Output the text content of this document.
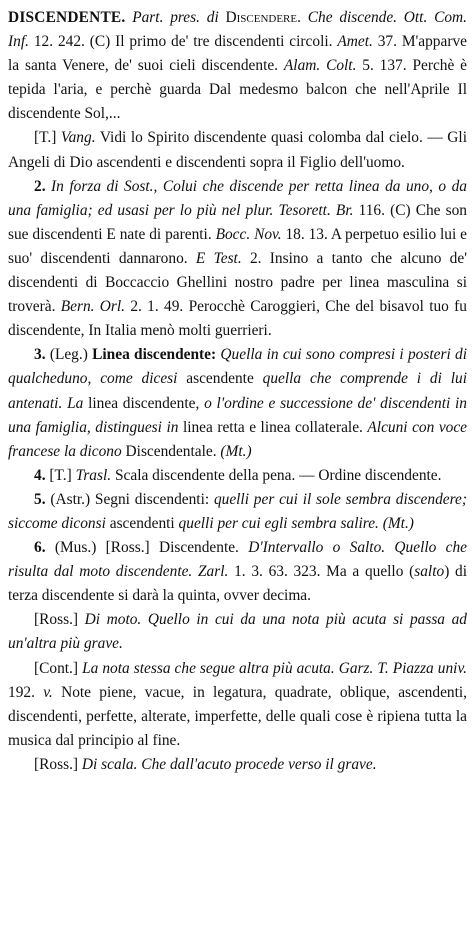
DISCENDENTE. Part. pres. di Discendere. Che discende. Ott. Com. Inf. 12. 242. (C) Il primo de' tre discendenti circoli. Amet. 37. M'apparve la santa Venere, de' suoi cieli discendente. Alam. Colt. 5. 137. Perchè è tepida l'aria, e perchè guarda Dal medesmo balcon che nell'Aprile Il discendente Sol,...

[T.] Vang. Vidi lo Spirito discendente quasi colomba dal cielo. — Gli Angeli di Dio ascendenti e discendenti sopra il Figlio dell'uomo.

2. In forza di Sost., Colui che discende per retta linea da uno, o da una famiglia; ed usasi per lo più nel plur. Tesorett. Br. 116. (C) Che son sue discendenti E nate di parenti. Bocc. Nov. 18. 13. A perpetuo esilio lui e suo' discendenti dannarono. E Test. 2. Insino a tanto che alcuno de' discendenti di Boccaccio Ghellini nostro padre per linea masculina si troverà. Bern. Orl. 2. 1. 49. Perocchè Caroggieri, Che del bisavol tuo fu discendente, In Italia menò molti guerrieri.

3. (Leg.) Linea discendente: Quella in cui sono compresi i posteri di qualcheduno, come dicesi ascendente quella che comprende i di lui antenati. La linea discendente, o l'ordine e successione de' discendenti in una famiglia, distinguesi in linea retta e linea collaterale. Alcuni con voce francese la dicono Discendentale. (Mt.)

4. [T.] Trasl. Scala discendente della pena. — Ordine discendente.

5. (Astr.) Segni discendenti: quelli per cui il sole sembra discendere; siccome diconsi ascendenti quelli per cui egli sembra salire. (Mt.)

6. (Mus.) [Ross.] Discendente. D'Intervallo o Salto. Quello che risulta dal moto discendente. Zarl. 1. 3. 63. 323. Ma a quello (salto) di terza discendente si darà la quinta, ovver decima.

[Ross.] Di moto. Quello in cui da una nota più acuta si passa ad un'altra più grave.

[Cont.] La nota stessa che segue altra più acuta. Garz. T. Piazza univ. 192. v. Note piene, vacue, in legatura, quadrate, oblique, ascendenti, discendenti, perfette, alterate, imperfette, delle quali cose è ripiena tutta la musica dal principio al fine.

[Ross.] Di scala. Che dall'acuto procede verso il grave.
